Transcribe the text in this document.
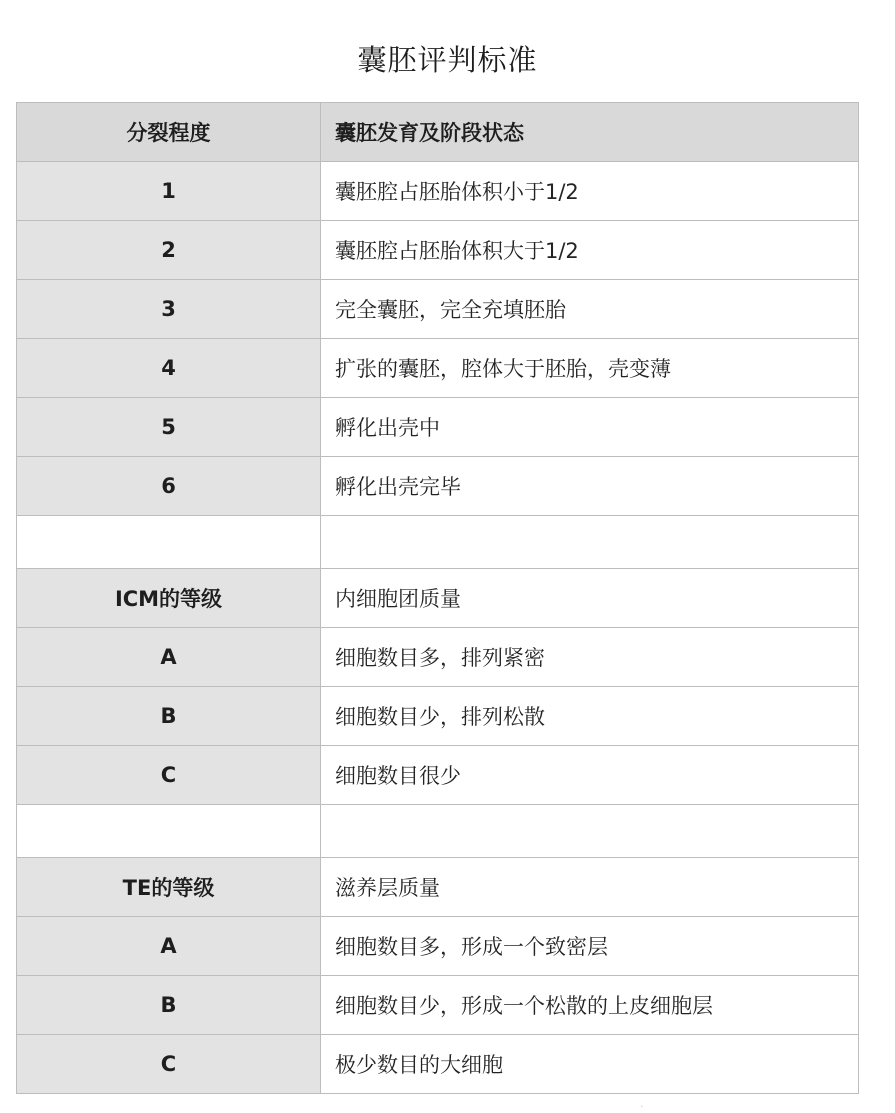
囊胚评判标准
分裂程度	囊胚发育及阶段状态
1	囊胚腔占胚胎体积小于1/2
2	囊胚腔占胚胎体积大于1/2
3	完全囊胚，完全充填胚胎
4	扩张的囊胚，腔体大于胚胎，壳变薄
5	孵化出壳中
6	孵化出壳完毕

ICM的等级	内细胞团质量
A	细胞数目多，排列紧密
B	细胞数目少，排列松散
C	细胞数目很少

TE的等级	滋养层质量
A	细胞数目多，形成一个致密层
B	细胞数目少，形成一个松散的上皮细胞层
C	极少数目的大细胞
·
